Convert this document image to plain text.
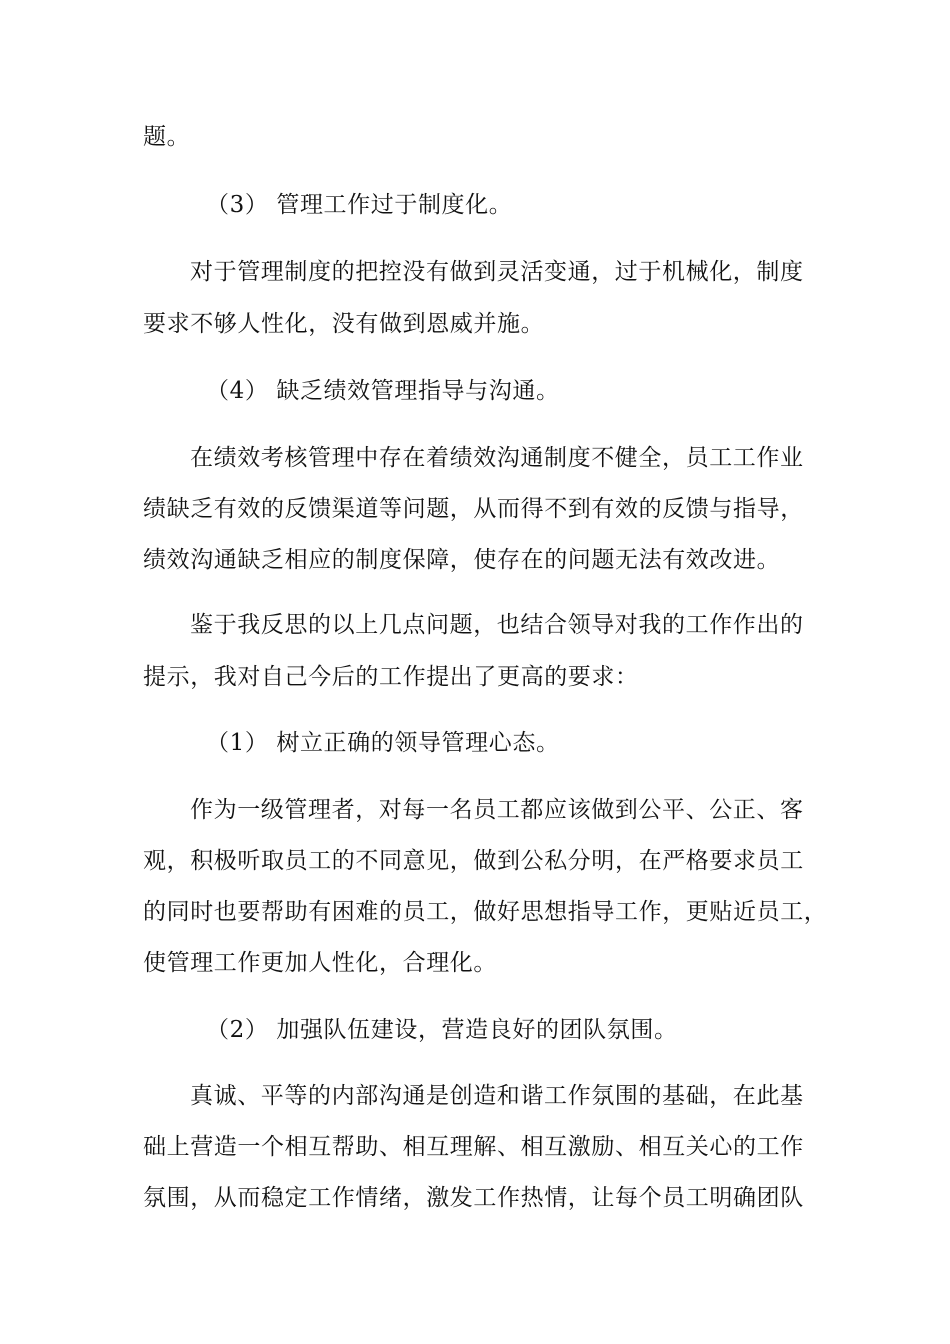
题。
（3） 管理工作过于制度化。
对于管理制度的把控没有做到灵活变通，过于机械化，制度
要求不够人性化，没有做到恩威并施。
（4） 缺乏绩效管理指导与沟通。
在绩效考核管理中存在着绩效沟通制度不健全，员工工作业
绩缺乏有效的反馈渠道等问题，从而得不到有效的反馈与指导，
绩效沟通缺乏相应的制度保障，使存在的问题无法有效改进。
鉴于我反思的以上几点问题，也结合领导对我的工作作出的
提示，我对自己今后的工作提出了更高的要求：
（1） 树立正确的领导管理心态。
作为一级管理者，对每一名员工都应该做到公平、公正、客
观，积极听取员工的不同意见，做到公私分明，在严格要求员工
的同时也要帮助有困难的员工，做好思想指导工作，更贴近员工，
使管理工作更加人性化，合理化。
（2） 加强队伍建设，营造良好的团队氛围。
真诚、平等的内部沟通是创造和谐工作氛围的基础，在此基
础上营造一个相互帮助、相互理解、相互激励、相互关心的工作
氛围，从而稳定工作情绪，激发工作热情，让每个员工明确团队
